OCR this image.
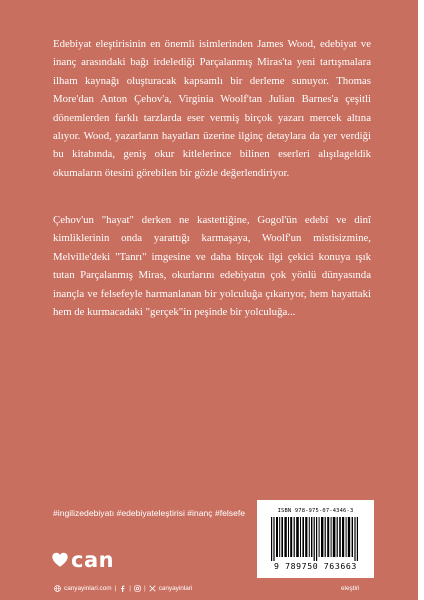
Edebiyat eleştirisinin en önemli isimlerinden James Wood, edebiyat ve inanç arasındaki bağı irdelediği Parçalanmış Miras'ta yeni tartışmalara ilham kaynağı oluşturacak kapsamlı bir derleme sunuyor. Thomas More'dan Anton Çehov'a, Virginia Woolf'tan Julian Barnes'a çeşitli dönemlerden farklı tarzlarda eser vermiş birçok yazarı mercek altına alıyor. Wood, yazarların hayatları üzerine ilginç detaylara da yer verdiği bu kitabında, geniş okur kitlelerince bilinen eserleri alışılageldik okumaların ötesini görebilen bir gözle değerlendiriyor.

Çehov'un "hayat" derken ne kastettiğine, Gogol'ün edebî ve dinî kimliklerinin onda yarattığı karmaşaya, Woolf'un mistisizmine, Melville'deki "Tanrı" imgesine ve daha birçok ilgi çekici konuya ışık tutan Parçalanmış Miras, okurlarını edebiyatın çok yönlü dünyasında inançla ve felsefeyle harmanlanan bir yolculuğa çıkarıyor, hem hayattaki hem de kurmacadaki "gerçek"in peşinde bir yolculuğa...

#ingilizedebiyatı #edebiyateleştirisi #inanç #felsefe
can
canyayinlari.com | | | canyayinlari	eleştiri
ISBN 978-975-07-4346-3
9 789750 763663
